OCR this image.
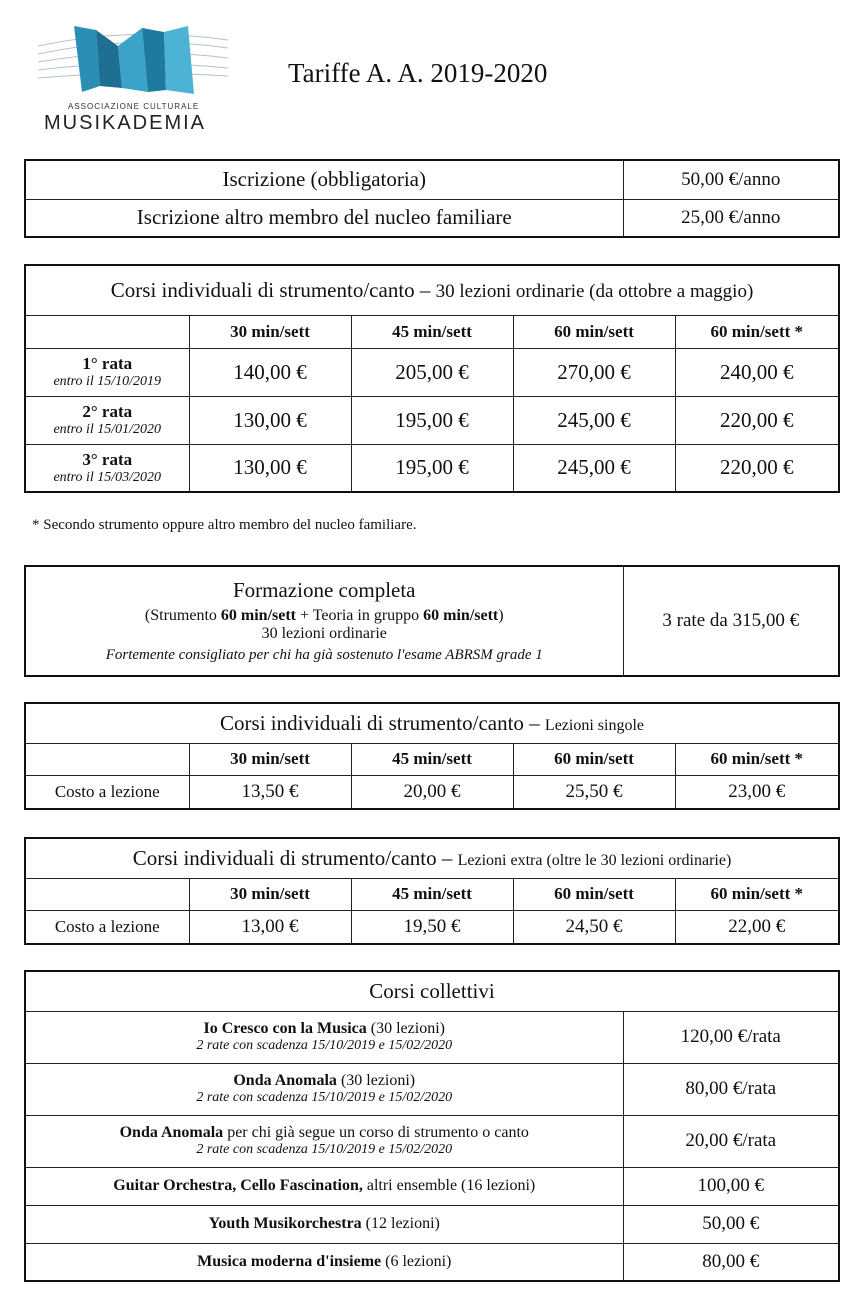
ASSOCIAZIONE CULTURALE
MUSIKADEMIA
Tariffe A. A. 2019-2020
Iscrizione (obbligatoria)	50,00 €/anno
Iscrizione altro membro del nucleo familiare	25,00 €/anno
Corsi individuali di strumento/canto – 30 lezioni ordinarie (da ottobre a maggio)				
	30 min/sett	45 min/sett	60 min/sett	60 min/sett *

1° rata
entro il 15/10/2019	140,00 €	205,00 €	270,00 €	240,00 €

2° rata
entro il 15/01/2020	130,00 €	195,00 €	245,00 €	220,00 €

3° rata
entro il 15/03/2020	130,00 €	195,00 €	245,00 €	220,00 €
* Secondo strumento oppure altro membro del nucleo familiare.
Formazione completa
(Strumento 60 min/sett + Teoria in gruppo 60 min/sett)
30 lezioni ordinarie
Fortemente consigliato per chi ha già sostenuto l'esame ABRSM grade 1
	3 rate da 315,00 €
Corsi individuali di strumento/canto – Lezioni singole				
	30 min/sett	45 min/sett	60 min/sett	60 min/sett *
Costo a lezione	13,50 €	20,00 €	25,50 €	23,00 €
Corsi individuali di strumento/canto – Lezioni extra (oltre le 30 lezioni ordinarie)				
	30 min/sett	45 min/sett	60 min/sett	60 min/sett *
Costo a lezione	13,00 €	19,50 €	24,50 €	22,00 €
Corsi collettivi	

Io Cresco con la Musica (30 lezioni)
2 rate con scadenza 15/10/2019 e 15/02/2020	120,00 €/rata

Onda Anomala (30 lezioni)
2 rate con scadenza 15/10/2019 e 15/02/2020	80,00 €/rata

Onda Anomala per chi già segue un corso di strumento o canto
2 rate con scadenza 15/10/2019 e 15/02/2020	20,00 €/rata

Guitar Orchestra, Cello Fascination, altri ensemble (16 lezioni)	100,00 €

Youth Musikorchestra (12 lezioni)	50,00 €

Musica moderna d'insieme (6 lezioni)	80,00 €
